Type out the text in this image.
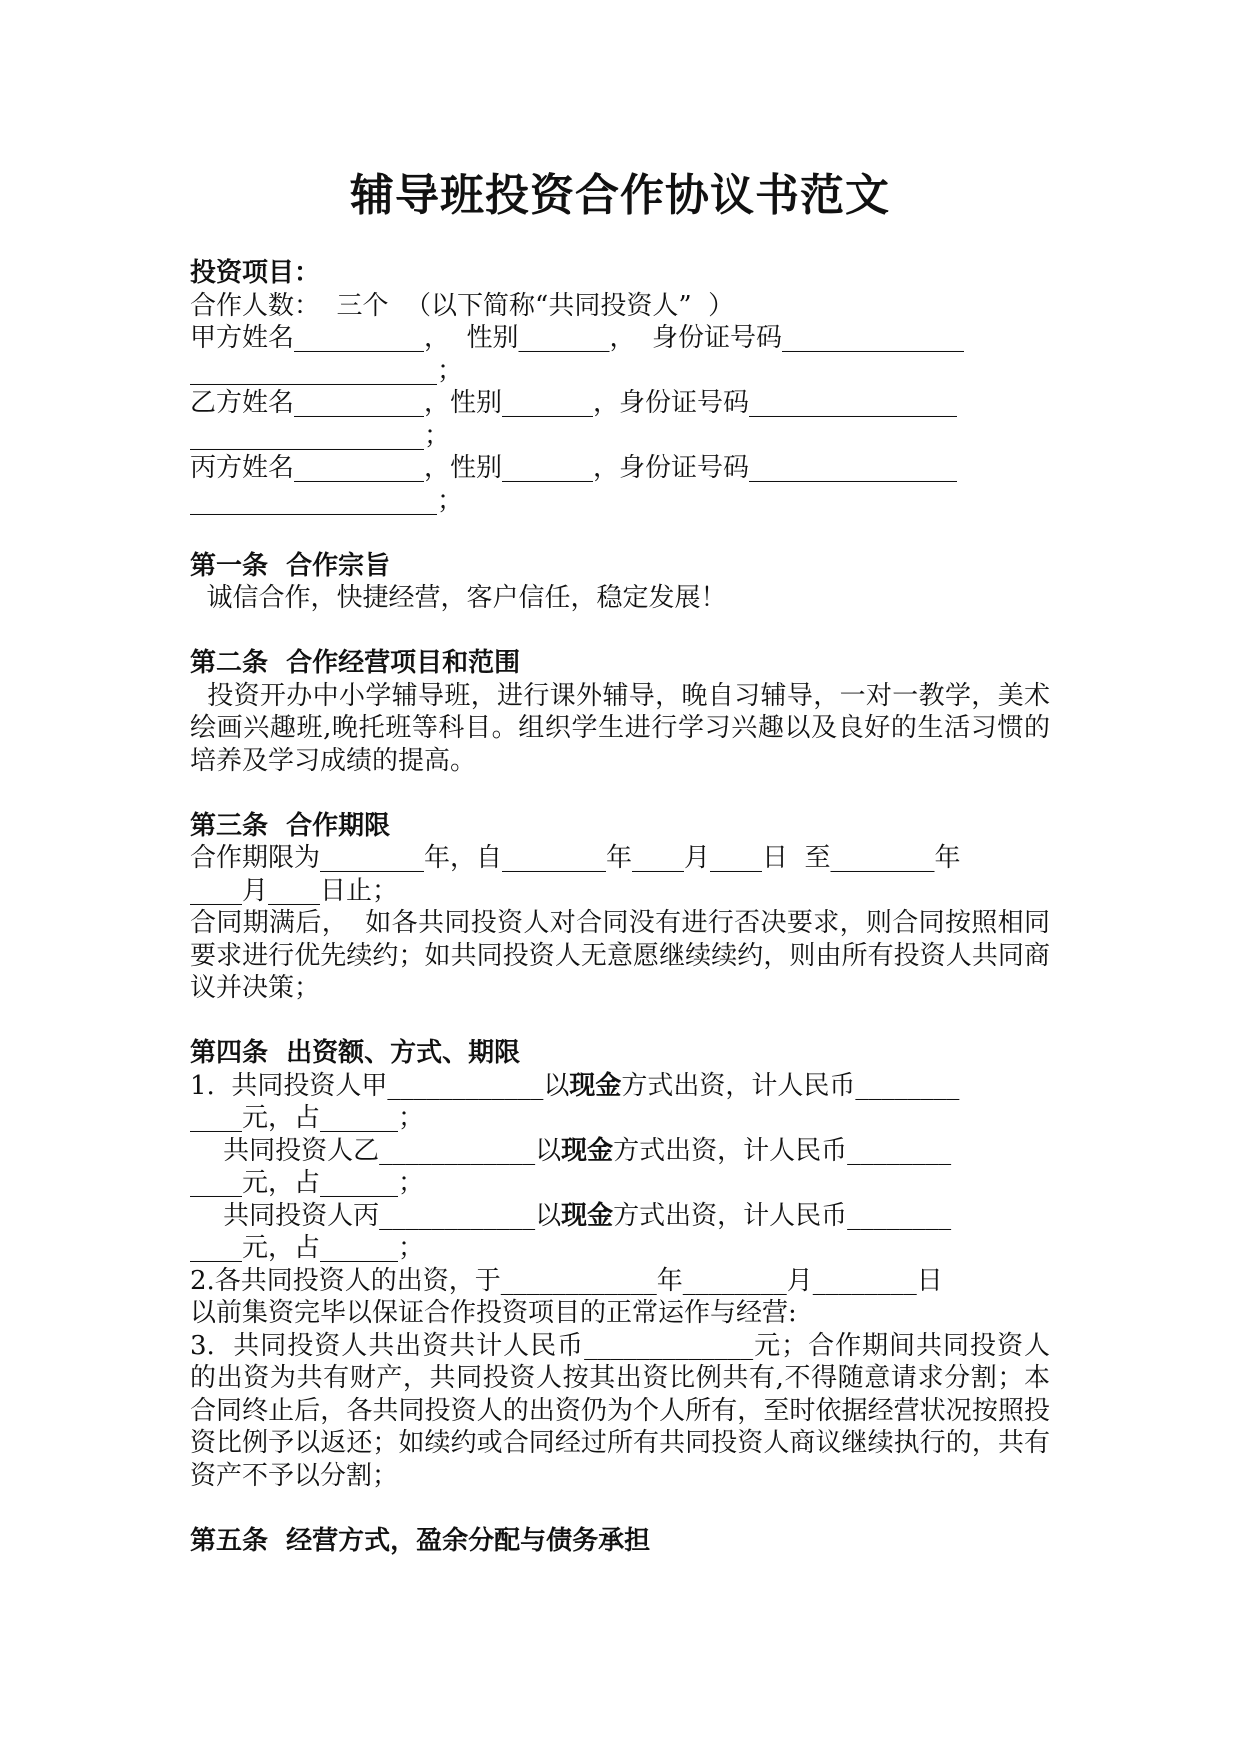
辅导班投资合作协议书范文

投资项目：

合作人数：  三个  （以下简称“共同投资人”  ）

甲方姓名__________，  性别_______，  身份证号码______________

___________________；

乙方姓名__________，性别_______，身份证号码________________

__________________；

丙方姓名__________，性别_______，身份证号码________________

___________________；

第一条  合作宗旨

诚信合作，快捷经营，客户信任，稳定发展！

第二条  合作经营项目和范围

投资开办中小学辅导班，进行课外辅导，晚自习辅导，一对一教学，美术绘画兴趣班,晚托班等科目。组织学生进行学习兴趣以及良好的生活习惯的培养及学习成绩的提高。

第三条  合作期限

合作期限为________年，自________年____月____日  至________年

____月____日止；

合同期满后，  如各共同投资人对合同没有进行否决要求，则合同按照相同要求进行优先续约；如共同投资人无意愿继续续约，则由所有投资人共同商议并决策；

第四条  出资额、方式、期限

1.  共同投资人甲____________以现金方式出资，计人民币________

____元，占______；

共同投资人乙____________以现金方式出资，计人民币________

____元，占______；

共同投资人丙____________以现金方式出资，计人民币________

____元，占______；

2.各共同投资人的出资，于____________年________月________日

以前集资完毕以保证合作投资项目的正常运作与经营:

3.  共同投资人共出资共计人民币_____________元；合作期间共同投资人的出资为共有财产，共同投资人按其出资比例共有,不得随意请求分割；本合同终止后，各共同投资人的出资仍为个人所有，至时依据经营状况按照投资比例予以返还；如续约或合同经过所有共同投资人商议继续执行的，共有资产不予以分割；

第五条  经营方式，盈余分配与债务承担
